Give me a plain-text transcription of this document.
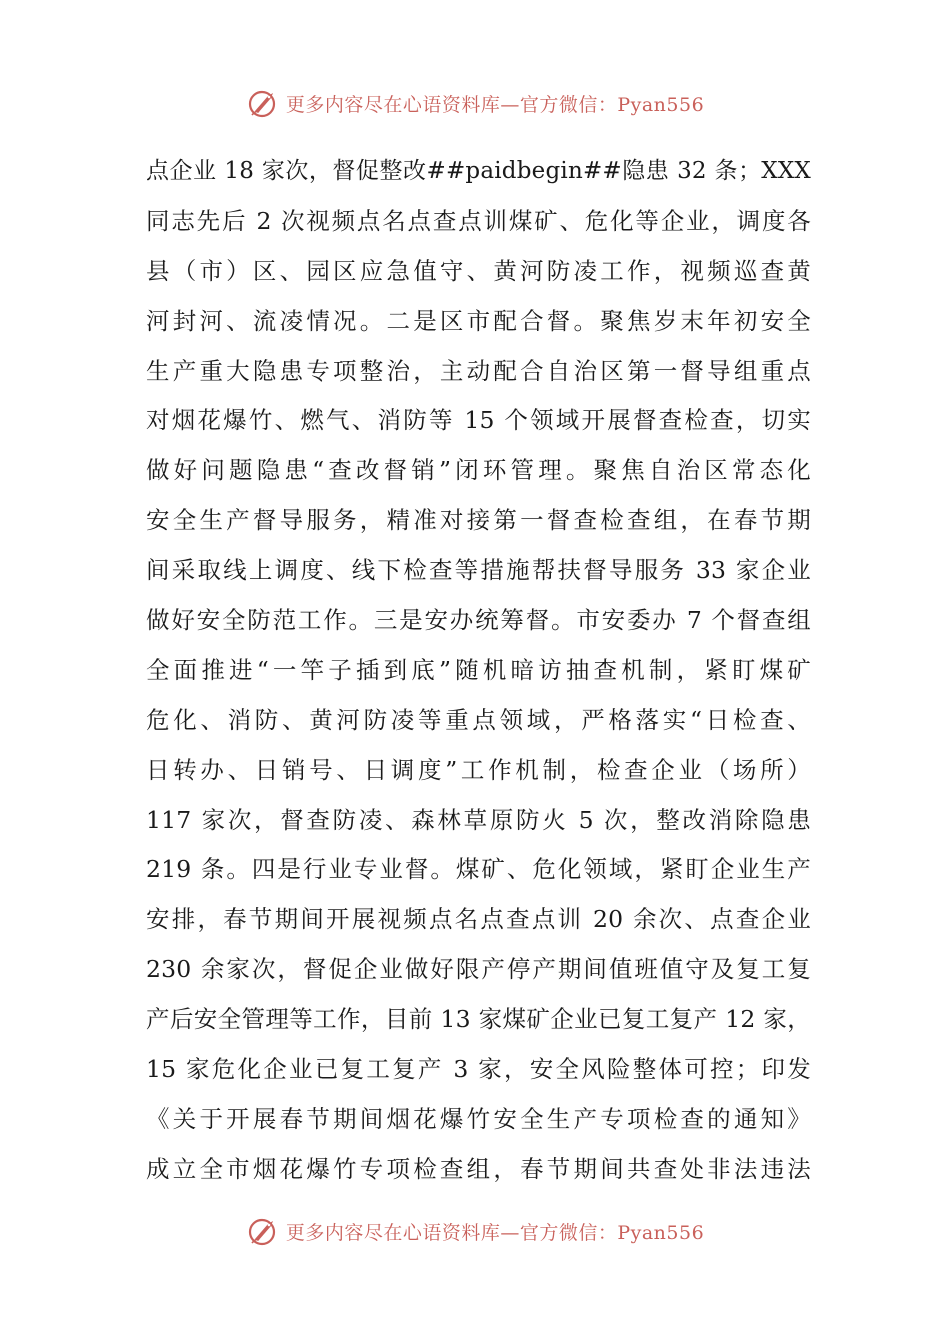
更多内容尽在心语资料库—官方微信：Pyan556
点企业 18 家次，督促整改##paidbegin##隐患 32 条；XXX
同志先后 2 次视频点名点查点训煤矿、危化等企业，调度各
县（市）区、园区应急值守、黄河防凌工作，视频巡查黄
河封河、流凌情况。二是区市配合督。聚焦岁末年初安全
生产重大隐患专项整治，主动配合自治区第一督导组重点
对烟花爆竹、燃气、消防等 15 个领域开展督查检查，切实
做好问题隐患“查改督销”闭环管理。聚焦自治区常态化
安全生产督导服务，精准对接第一督查检查组，在春节期
间采取线上调度、线下检查等措施帮扶督导服务 33 家企业
做好安全防范工作。三是安办统筹督。市安委办 7 个督查组
全面推进“一竿子插到底”随机暗访抽查机制，紧盯煤矿
危化、消防、黄河防凌等重点领域，严格落实“日检查、
日转办、日销号、日调度”工作机制，检查企业（场所）
117 家次，督查防凌、森林草原防火 5 次，整改消除隐患
219 条。四是行业专业督。煤矿、危化领域，紧盯企业生产
安排，春节期间开展视频点名点查点训 20 余次、点查企业
230 余家次，督促企业做好限产停产期间值班值守及复工复
产后安全管理等工作，目前 13 家煤矿企业已复工复产 12 家，
15 家危化企业已复工复产 3 家，安全风险整体可控；印发
《关于开展春节期间烟花爆竹安全生产专项检查的通知》
成立全市烟花爆竹专项检查组，春节期间共查处非法违法
更多内容尽在心语资料库—官方微信：Pyan556
